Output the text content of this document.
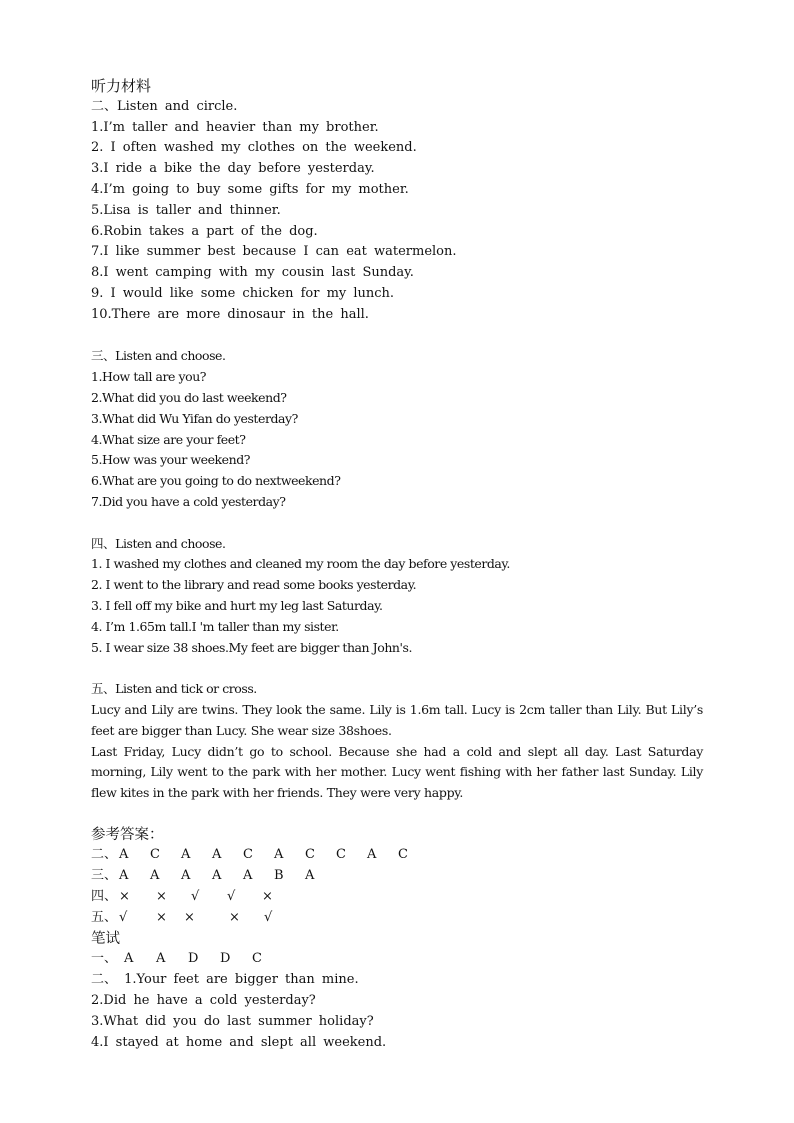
听力材料
二、Listen and circle.
1.I’m taller and heavier than my brother.
2. I often washed my clothes on the weekend.
3.I ride a bike the day before yesterday.
4.I’m going to buy some gifts for my mother.
5.Lisa is taller and thinner.
6.Robin takes a part of the dog.
7.I like summer best because I can eat watermelon.
8.I went camping with my cousin last Sunday.
9. I would like some chicken for my lunch.
10.There are more dinosaur in the hall.
三、Listen and choose.
1.How tall are you?
2.What did you do last weekend?
3.What did Wu Yifan do yesterday?
4.What size are your feet?
5.How was your weekend?
6.What are you going to do nextweekend?
7.Did you have a cold yesterday?
四、Listen and choose.
1. I washed my clothes and cleaned my room the day before yesterday.
2. I went to the library and read some books yesterday.
3. I fell off my bike and hurt my leg last Saturday.
4. I’m 1.65m tall.I 'm taller than my sister.
5. I wear size 38 shoes.My feet are bigger than John's.
五、Listen and tick or cross.

Lucy and Lily are twins. They look the same. Lily is 1.6m tall. Lucy is 2cm taller than Lily. But Lily’s feet are bigger than Lucy. She wear size 38shoes.

Last Friday, Lucy didn’t go to school. Because she had a cold and slept all day. Last Saturday morning, Lily went to the park with her mother. Lucy went fishing with her father last Sunday. Lily flew kites in the park with her friends. They were very happy.

参考答案：
二、 A	C	A	A	C	A	C	C	A	C
三、 A	A	A	A	A	B	A
四、 ×	×	√	√	×
五、 √	×	×	×	√
笔试
一、 A	A	D	D	C
二、 1.Your feet are bigger than mine.
2.Did he have a cold yesterday?
3.What did you do last summer holiday?
4.I stayed at home and slept all weekend.
